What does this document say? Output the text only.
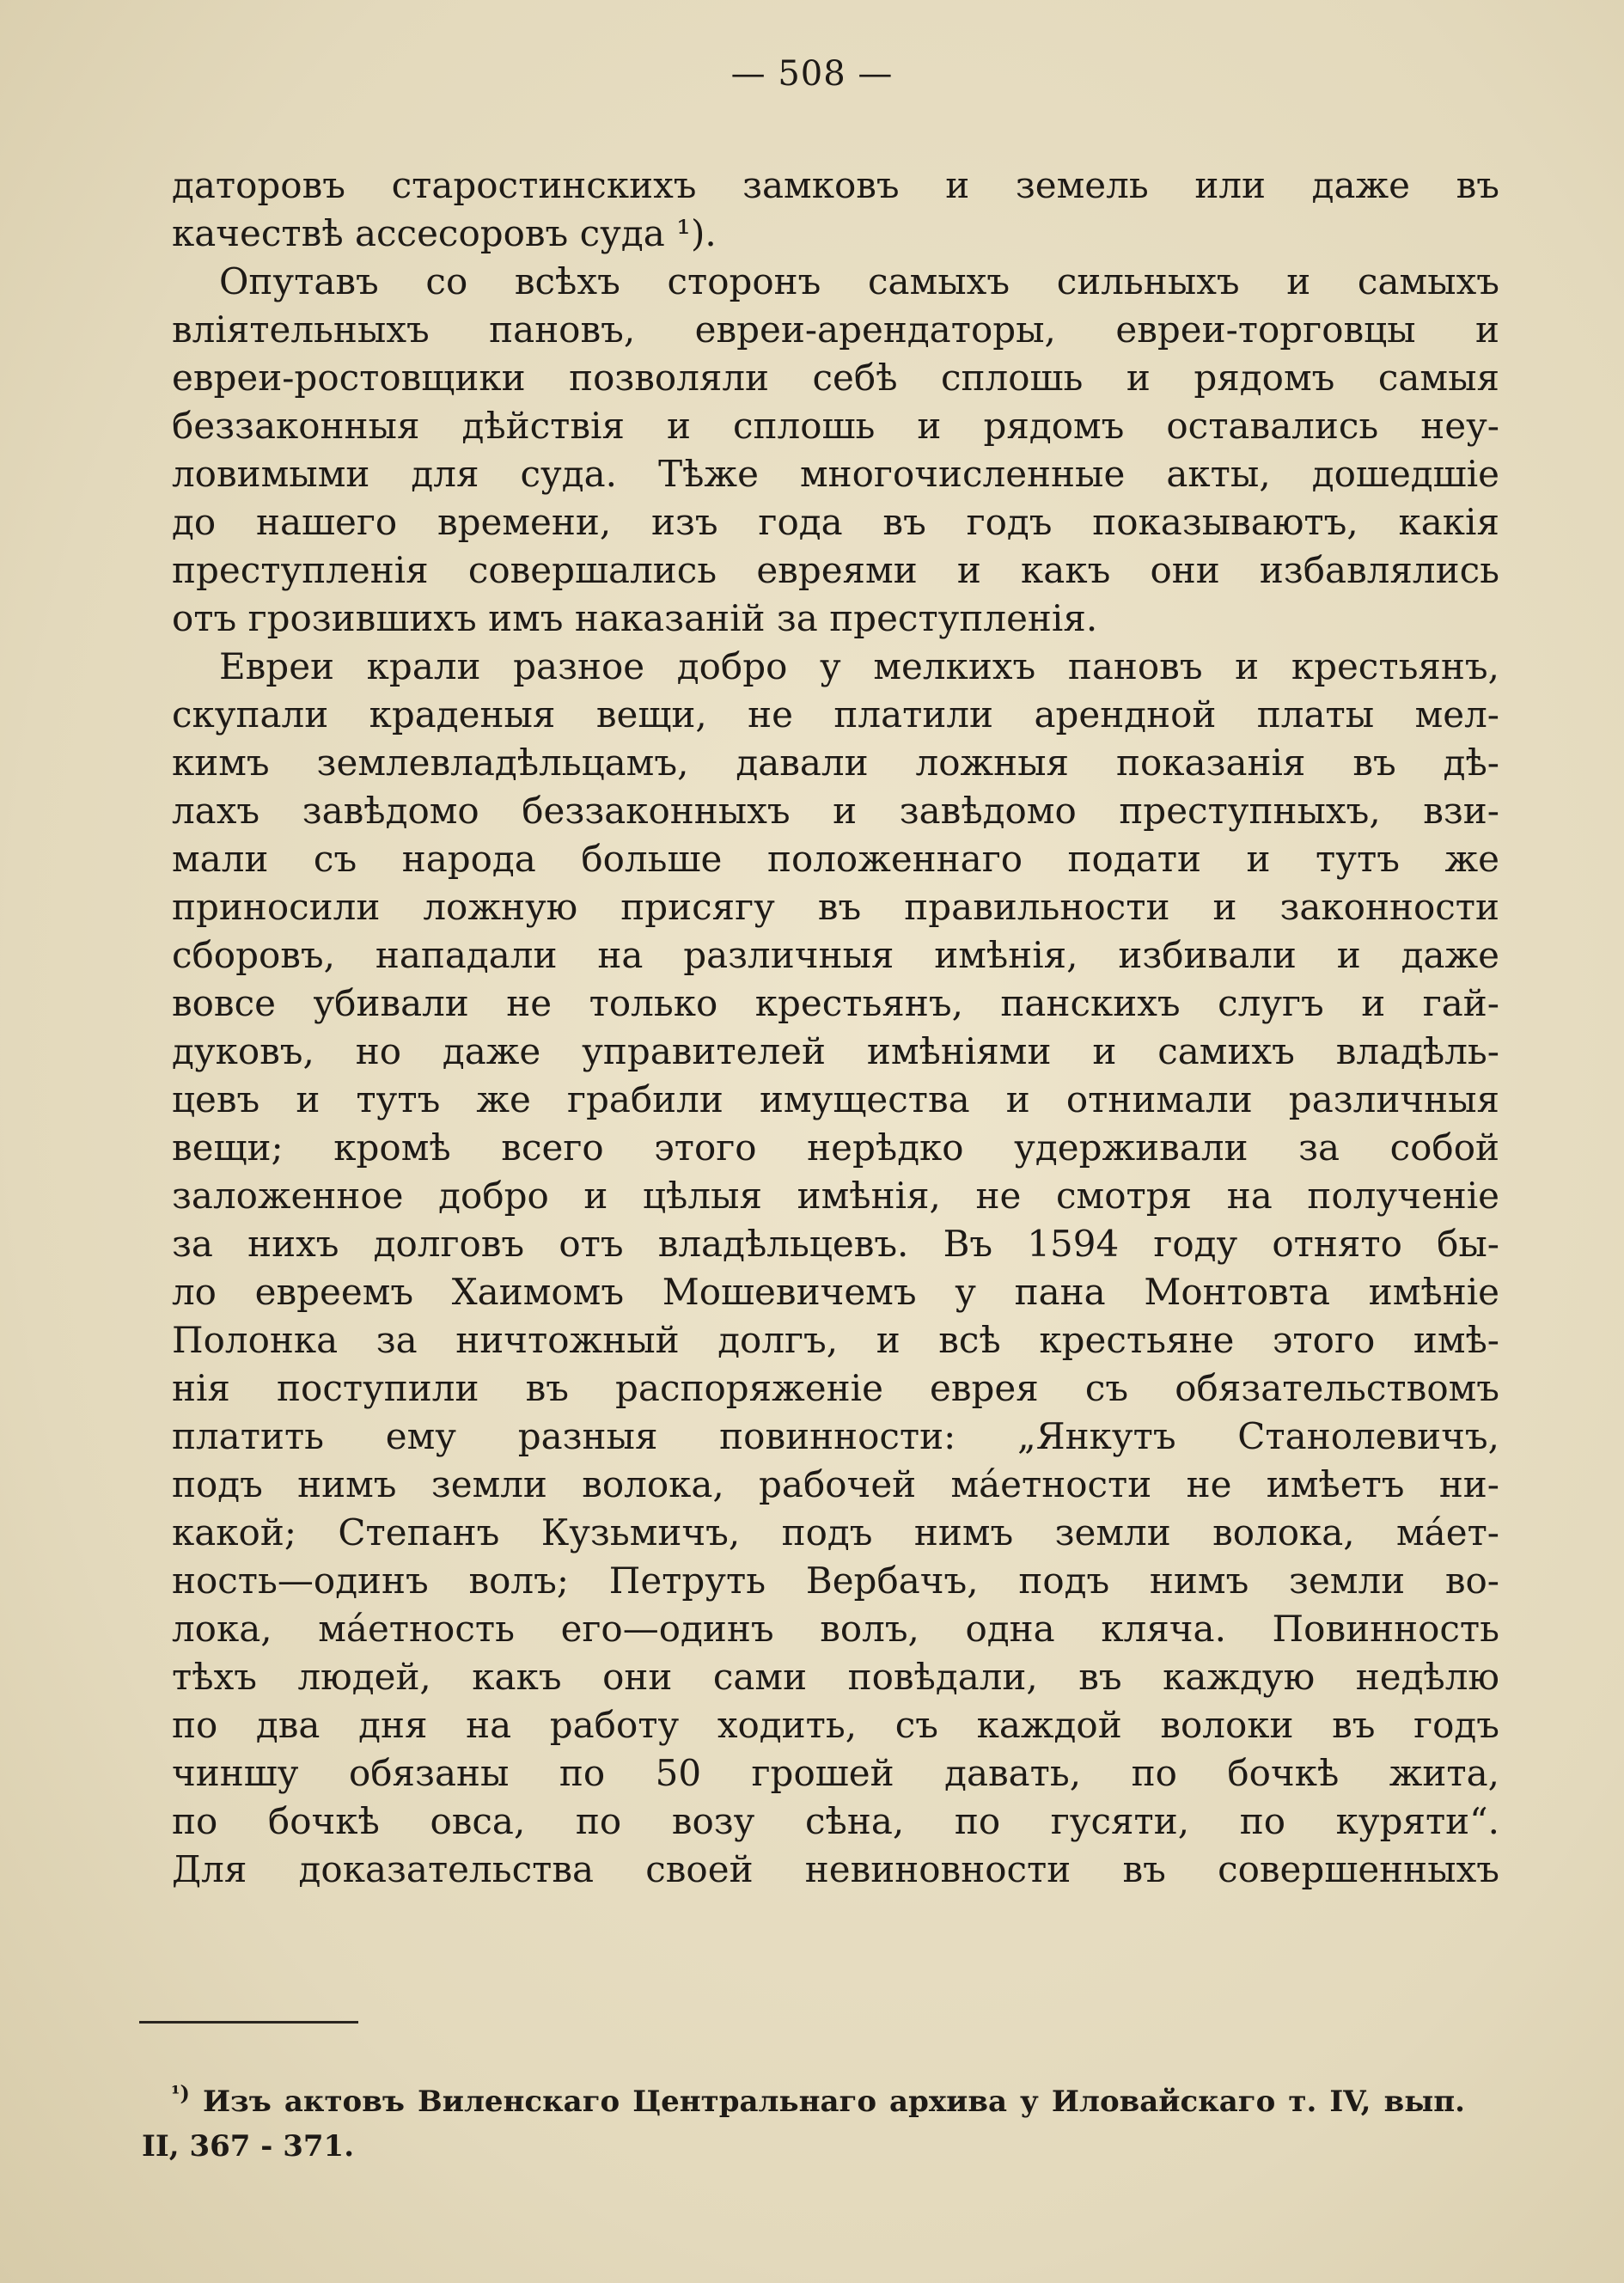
— 508 —
даторовъ старостинскихъ замковъ и земель или даже въ
качествѣ ассесоровъ суда ¹).
Опутавъ со всѣхъ сторонъ самыхъ сильныхъ и самыхъ
вліятельныхъ пановъ, евреи-арендаторы, евреи-торговцы и
евреи-ростовщики позволяли себѣ сплошь и рядомъ самыя
беззаконныя дѣйствія и сплошь и рядомъ оставались неу-
ловимыми для суда. Тѣже многочисленные акты, дошедшіе
до нашего времени, изъ года въ годъ показываютъ, какія
преступленія совершались евреями и какъ они избавлялись
отъ грозившихъ имъ наказаній за преступленія.
Евреи крали разное добро у мелкихъ пановъ и крестьянъ,
скупали краденыя вещи, не платили арендной платы мел-
кимъ землевладѣльцамъ, давали ложныя показанія въ дѣ-
лахъ завѣдомо беззаконныхъ и завѣдомо преступныхъ, взи-
мали съ народа больше положеннаго подати и тутъ же
приносили ложную присягу въ правильности и законности
сборовъ, нападали на различныя имѣнія, избивали и даже
вовсе убивали не только крестьянъ, панскихъ слугъ и гай-
дуковъ, но даже управителей имѣніями и самихъ владѣль-
цевъ и тутъ же грабили имущества и отнимали различныя
вещи; кромѣ всего этого нерѣдко удерживали за собой
заложенное добро и цѣлыя имѣнія, не смотря на полученіе
за нихъ долговъ отъ владѣльцевъ. Въ 1594 году отнято бы-
ло евреемъ Хаимомъ Мошевичемъ у пана Монтовта имѣніе
Полонка за ничтожный долгъ, и всѣ крестьяне этого имѣ-
нія поступили въ распоряженіе еврея съ обязательствомъ
платить ему разныя повинности: „Янкутъ Станолевичъ,
подъ нимъ земли волока, рабочей ма́етности не имѣетъ ни-
какой; Степанъ Кузьмичъ, подъ нимъ земли волока, ма́ет-
ность—одинъ волъ; Петруть Вербачъ, подъ нимъ земли во-
лока, ма́етность его—одинъ волъ, одна кляча. Повинность
тѣхъ людей, какъ они сами повѣдали, въ каждую недѣлю
по два дня на работу ходить, съ каждой волоки въ годъ
чиншу обязаны по 50 грошей давать, по бочкѣ жита,
по бочкѣ овса, по возу сѣна, по гусяти, по куряти“.
Для доказательства своей невиновности въ совершенныхъ
$^{^1)}$ Изъ актовъ Виленскаго Центральнаго архива у Иловайскаго т. IV, вып.
II, 367 - 371.
